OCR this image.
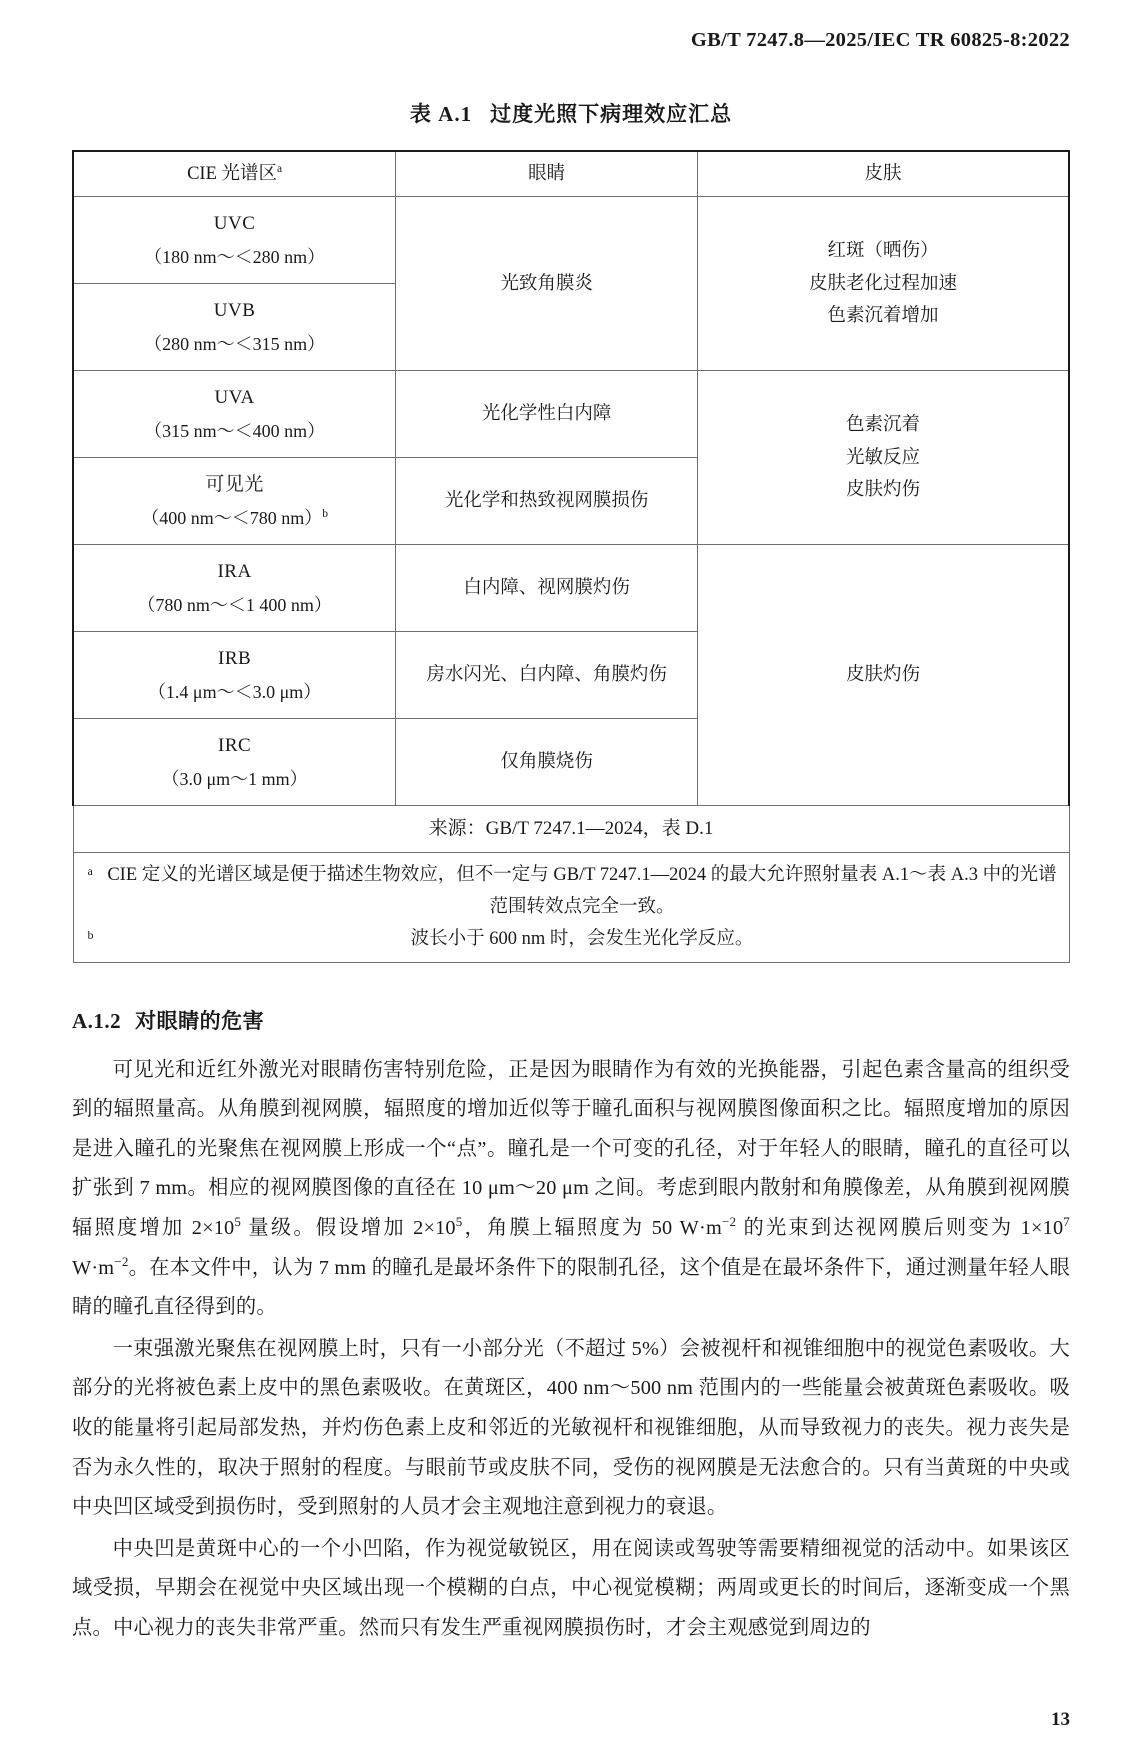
GB/T 7247.8—2025/IEC TR 60825-8:2022
表 A.1 过度光照下病理效应汇总
CIE 光谱区$^a$	眼睛	皮肤

UVC
（180 nm～＜280 nm）	光致角膜炎	红斑（晒伤）
皮肤老化过程加速
色素沉着增加

UVB
（280 nm～＜315 nm）		

UVA
（315 nm～＜400 nm）	光化学性白内障	色素沉着
光敏反应
皮肤灼伤

可见光
（400 nm～＜780 nm）$^b$	光化学和热致视网膜损伤	

IRA
（780 nm～＜1 400 nm）	白内障、视网膜灼伤	皮肤灼伤

IRB
（1.4 μm～＜3.0 μm）	房水闪光、白内障、角膜灼伤	

IRC
（3.0 μm～1 mm）	仅角膜烧伤	
来源：GB/T 7247.1—2024，表 D.1		

a CIE 定义的光谱区域是便于描述生物效应，但不一定与 GB/T 7247.1—2024 的最大允许照射量表 A.1～表 A.3 中的光谱范围转效点完全一致。
b 波长小于 600 nm 时，会发生光化学反应。		
A.1.2 对眼睛的危害

可见光和近红外激光对眼睛伤害特别危险，正是因为眼睛作为有效的光换能器，引起色素含量高的组织受到的辐照量高。从角膜到视网膜，辐照度的增加近似等于瞳孔面积与视网膜图像面积之比。辐照度增加的原因是进入瞳孔的光聚焦在视网膜上形成一个“点”。瞳孔是一个可变的孔径，对于年轻人的眼睛，瞳孔的直径可以扩张到 7 mm。相应的视网膜图像的直径在 10 μm～20 μm 之间。考虑到眼内散射和角膜像差，从角膜到视网膜辐照度增加 $2\times 10^5$ 量级。假设增加 $2\times 10^5$，角膜上辐照度为 50 $W\cdot m^{-2}$ 的光束到达视网膜后则变为 $1\times 10^7$ $W\cdot m^{-2}$。在本文件中，认为 7 mm 的瞳孔是最坏条件下的限制孔径，这个值是在最坏条件下，通过测量年轻人眼睛的瞳孔直径得到的。

一束强激光聚焦在视网膜上时，只有一小部分光（不超过 5%）会被视杆和视锥细胞中的视觉色素吸收。大部分的光将被色素上皮中的黑色素吸收。在黄斑区，400 nm～500 nm 范围内的一些能量会被黄斑色素吸收。吸收的能量将引起局部发热，并灼伤色素上皮和邻近的光敏视杆和视锥细胞，从而导致视力的丧失。视力丧失是否为永久性的，取决于照射的程度。与眼前节或皮肤不同，受伤的视网膜是无法愈合的。只有当黄斑的中央或中央凹区域受到损伤时，受到照射的人员才会主观地注意到视力的衰退。

中央凹是黄斑中心的一个小凹陷，作为视觉敏锐区，用在阅读或驾驶等需要精细视觉的活动中。如果该区域受损，早期会在视觉中央区域出现一个模糊的白点，中心视觉模糊；两周或更长的时间后，逐渐变成一个黑点。中心视力的丧失非常严重。然而只有发生严重视网膜损伤时，才会主观感觉到周边的

13
